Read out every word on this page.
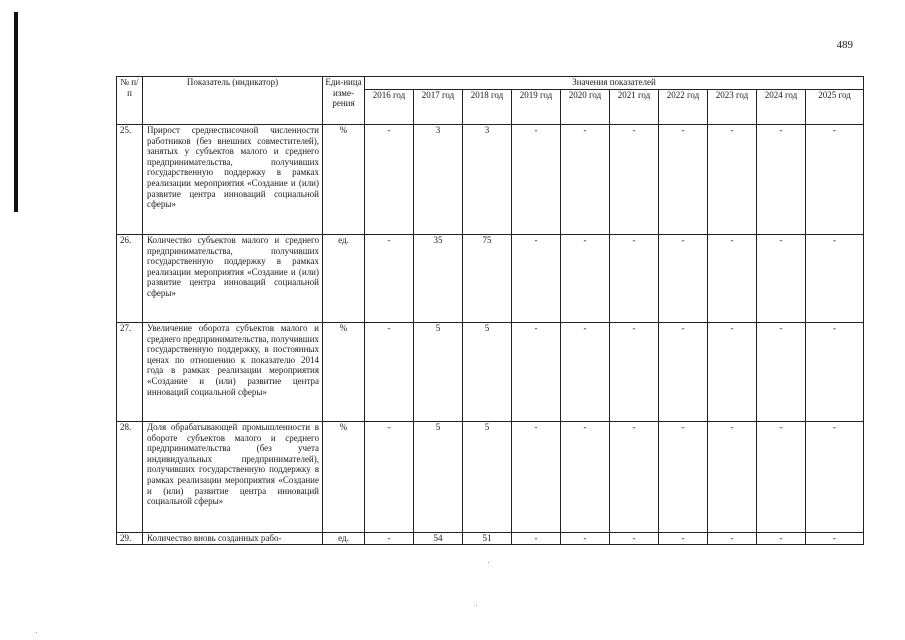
489
№ п/п	Показатель (индикатор)	Еди-ница изме-рения	Значения показателей									
			2016 год	2017 год	2018 год	2019 год	2020 год	2021 год	2022 год	2023 год	2024 год	2025 год
25.	Прирост среднесписочной численности работников (без внешних совместителей), занятых у субъектов малого и среднего предпринимательства, получивших государственную поддержку в рамках реализации мероприятия «Создание и (или) развитие центра инноваций социальной сферы»	%	-	3	3	-	-	-	-	-	-	-
26.	Количество субъектов малого и среднего предпринимательства, получивших государственную поддержку в рамках реализации мероприятия «Создание и (или) развитие центра инноваций социальной сферы»	ед.	-	35	75	-	-	-	-	-	-	-
27.	Увеличение оборота субъектов малого и среднего предпринимательства, получивших государственную поддержку, в постоянных ценах по отношению к показателю 2014 года в рамках реализации мероприятия «Создание и (или) развитие центра инноваций социальной сферы»	%	-	5	5	-	-	-	-	-	-	-
28.	Доля обрабатывающей промышленности в обороте субъектов малого и среднего предпринимательства (без учета индивидуальных предпринимателей), получивших государственную поддержку в рамках реализации мероприятия «Создание и (или) развитие центра инноваций социальной сферы»	%	-	5	5	-	-	-	-	-	-	-
29.	Количество вновь созданных рабо-	ед.	-	54	51	-	-	-	-	-	-	-
